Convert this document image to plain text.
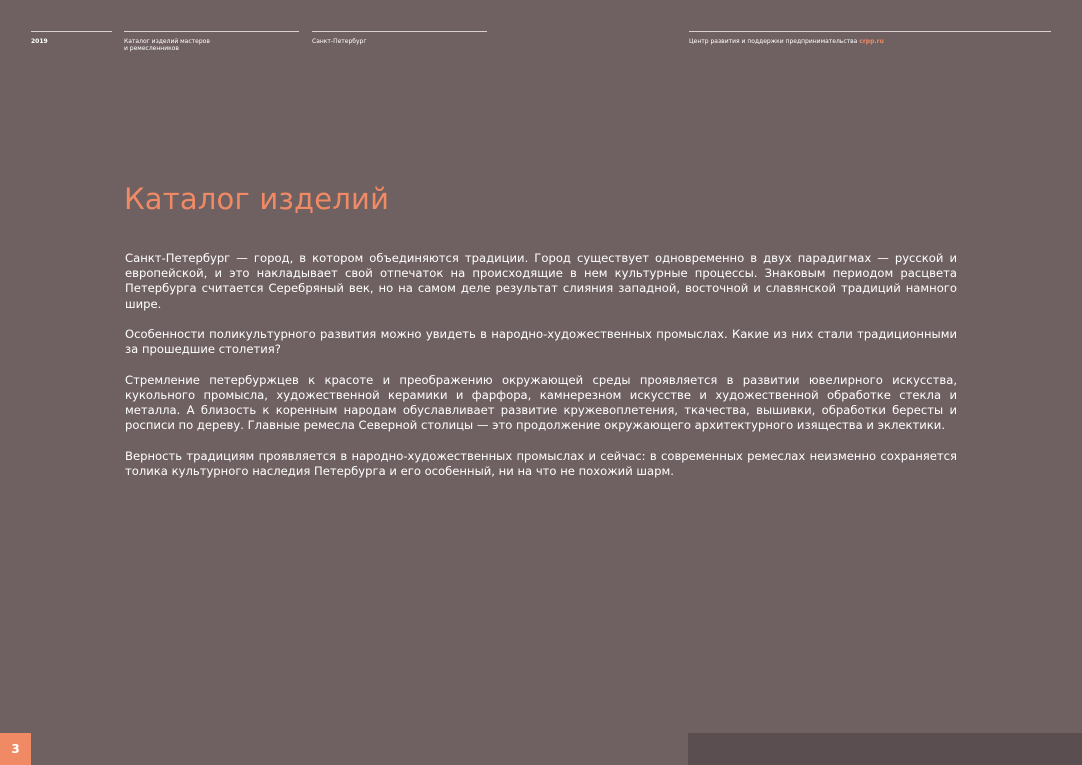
2019	Каталог изделий мастеров
и ремесленников
Санкт-Петербург	Центр развития и поддержки предпринимательства crpp.ru
Каталог изделий

Санкт-Петербург — город, в котором объединяются традиции. Город существует одновременно в двух парадигмах — русской и европейской, и это накладывает свой отпечаток на происходящие в нем культурные процессы. Знаковым периодом расцвета Петербурга считается Серебряный век, но на самом деле результат слияния западной, восточной и славянской традиций намного шире.

Особенности поликультурного развития можно увидеть в народно-художественных промыслах. Какие из них стали традиционными за прошедшие столетия?

Стремление петербуржцев к красоте и преображению окружающей среды проявляется в развитии ювелирного искусства, кукольного промысла, художественной керамики и фарфора, камнерезном искусстве и художественной обработке стекла и металла. А близость к коренным народам обуславливает развитие кружевоплетения, ткачества, вышивки, обработки бересты и росписи по дереву. Главные ремесла Северной столицы — это продолжение окружающего архитектурного изящества и эклектики.

Верность традициям проявляется в народно-художественных промыслах и сейчас: в современных ремеслах неизменно сохраняется толика культурного наследия Петербурга и его особенный, ни на что не похожий шарм.

3
